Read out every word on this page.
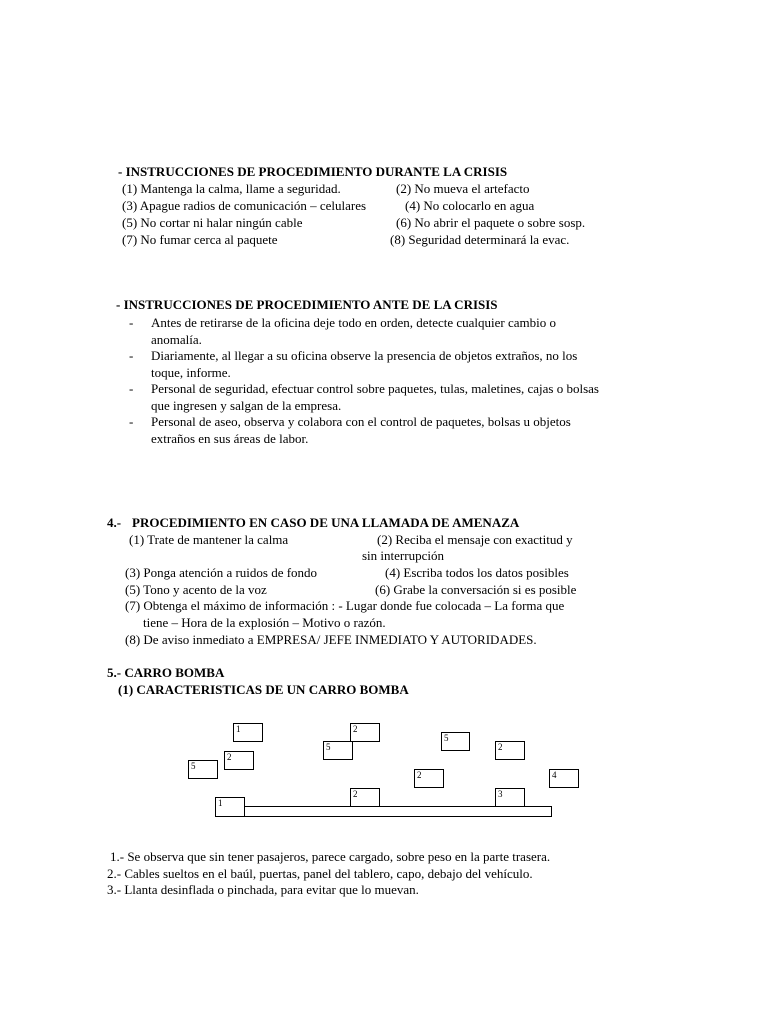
- INSTRUCCIONES DE PROCEDIMIENTO DURANTE LA CRISIS
(1) Mantenga la calma, llame a seguridad.	(2) No mueva el artefacto
(3) Apague radios de comunicación – celulares	(4) No colocarlo en agua
(5) No cortar ni halar ningún cable	(6) No abrir el paquete o sobre sosp.
(7) No fumar cerca al paquete	(8) Seguridad determinará la evac.
- INSTRUCCIONES DE PROCEDIMIENTO ANTE DE LA CRISIS
- Antes de retirarse de la oficina deje todo en orden, detecte cualquier cambio o
anomalía.
- Diariamente, al llegar a su oficina observe la presencia de objetos extraños, no los
toque, informe.
- Personal de seguridad, efectuar control sobre paquetes, tulas, maletines, cajas o bolsas
que ingresen y salgan de la empresa.
- Personal de aseo, observa y colabora con el control de paquetes, bolsas u objetos
extraños en sus áreas de labor.
4.- PROCEDIMIENTO EN CASO DE UNA LLAMADA DE AMENAZA
(1) Trate de mantener la calma	(2) Reciba el mensaje con exactitud y
sin interrupción
(3) Ponga atención a ruidos de fondo	(4) Escriba todos los datos posibles
(5) Tono y acento de la voz	(6) Grabe la conversación si es posible
(7) Obtenga el máximo de información : - Lugar donde fue colocada – La forma que
tiene – Hora de la explosión – Motivo o razón.
(8) De aviso inmediato a EMPRESA/ JEFE INMEDIATO Y AUTORIDADES.
5.- CARRO BOMBA
(1) CARACTERISTICAS DE UN CARRO BOMBA
1	2
5
2
5	2
5
2	4
1
2	3
1.- Se observa que sin tener pasajeros, parece cargado, sobre peso en la parte trasera.
2.- Cables sueltos en el baúl, puertas, panel del tablero, capo, debajo del vehículo.
3.- Llanta desinflada o pinchada, para evitar que lo muevan.
